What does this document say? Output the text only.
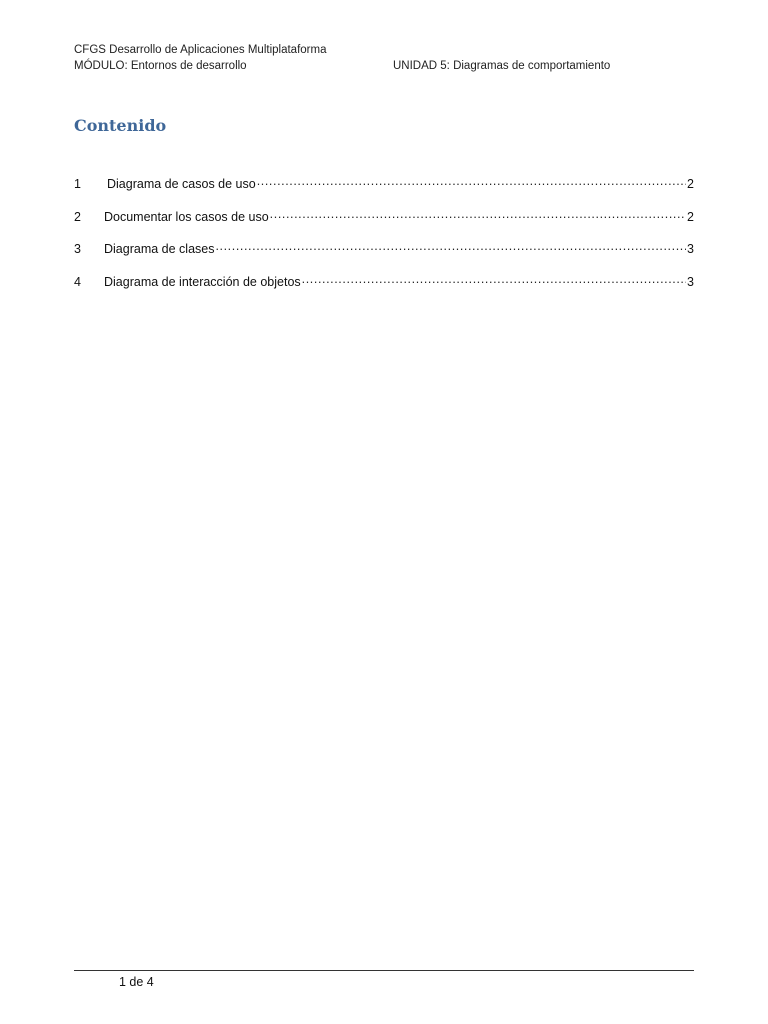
CFGS Desarrollo de Aplicaciones Multiplataforma
MÓDULO: Entornos de desarrollo	UNIDAD 5: Diagramas de comportamiento
Contenido
1	Diagrama de casos de uso .....	2
2	Documentar los casos de uso .....	2
3	Diagrama de clases .....	3
4	Diagrama de interacción de objetos .....	3
1 de 4
